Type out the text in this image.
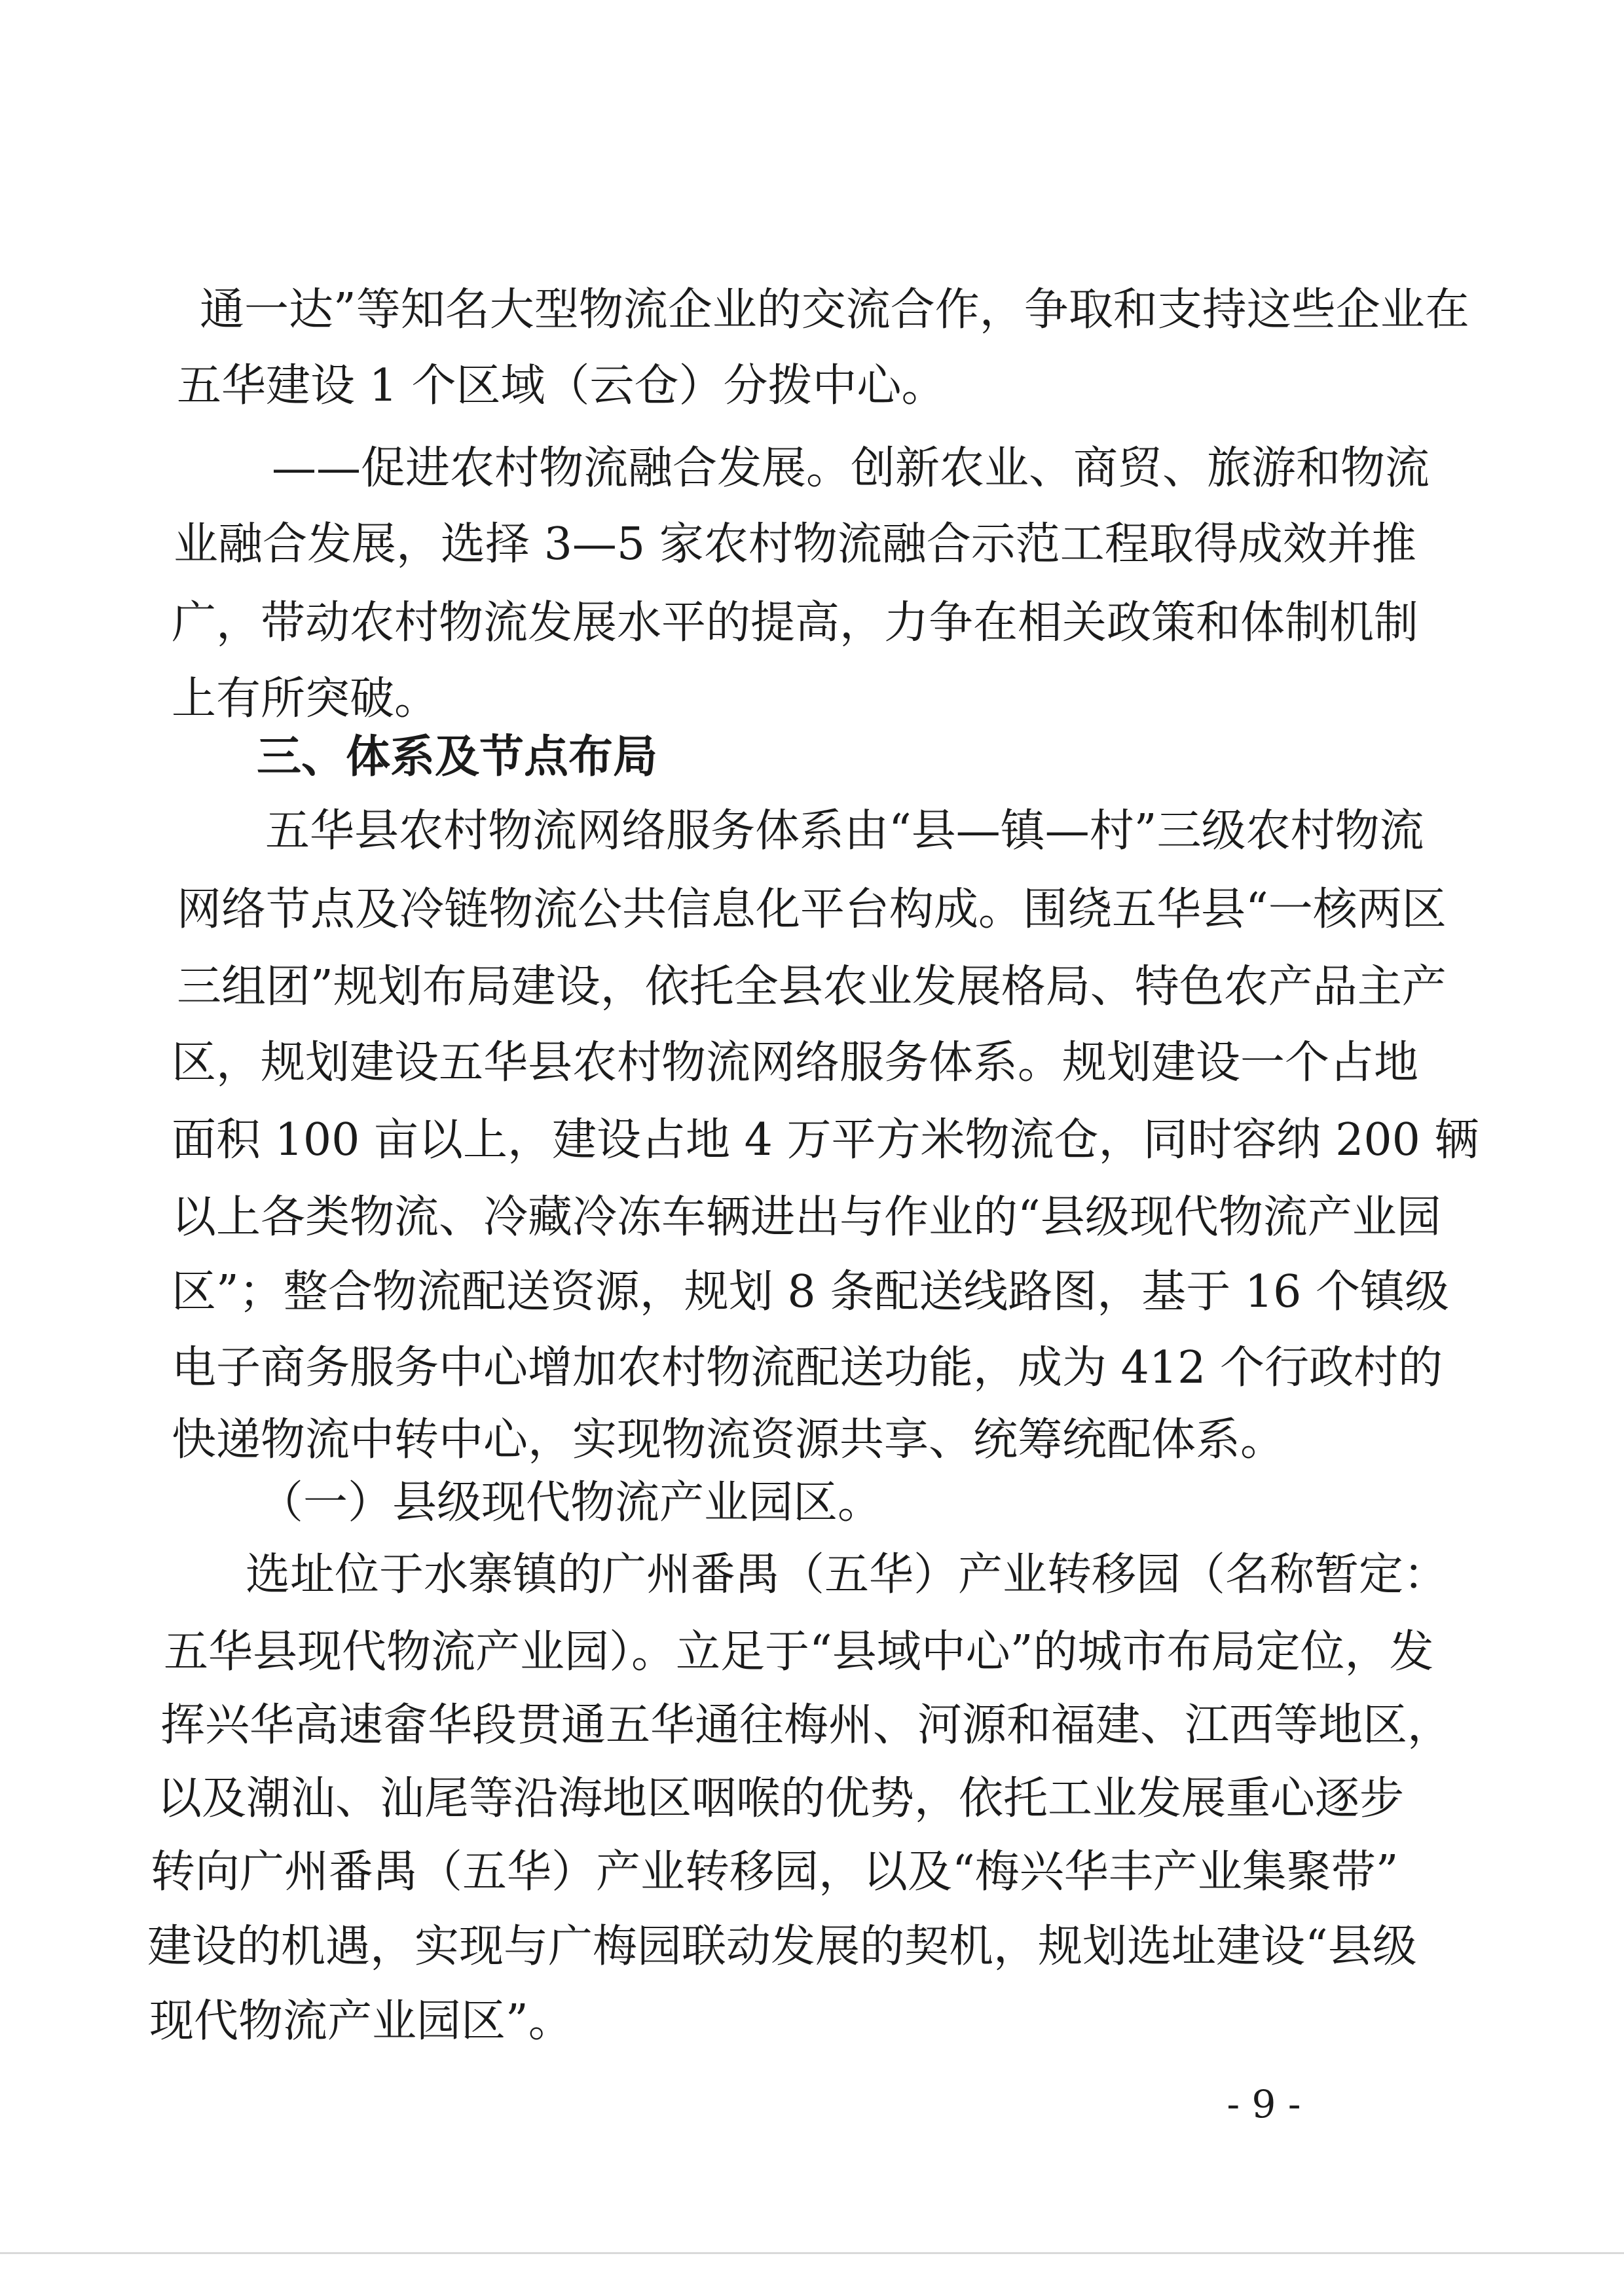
通一达”等知名大型物流企业的交流合作，争取和支持这些企业在
五华建设 1 个区域（云仓）分拨中心。
——促进农村物流融合发展。创新农业、商贸、旅游和物流
业融合发展，选择 3—5 家农村物流融合示范工程取得成效并推
广，带动农村物流发展水平的提高，力争在相关政策和体制机制
上有所突破。
三、体系及节点布局
五华县农村物流网络服务体系由“县—镇—村”三级农村物流
网络节点及冷链物流公共信息化平台构成。围绕五华县“一核两区
三组团”规划布局建设，依托全县农业发展格局、特色农产品主产
区，规划建设五华县农村物流网络服务体系。规划建设一个占地
面积 100 亩以上，建设占地 4 万平方米物流仓，同时容纳 200 辆
以上各类物流、冷藏冷冻车辆进出与作业的“县级现代物流产业园
区”；整合物流配送资源，规划 8 条配送线路图，基于 16 个镇级
电子商务服务中心增加农村物流配送功能，成为 412 个行政村的
快递物流中转中心，实现物流资源共享、统筹统配体系。
（一）县级现代物流产业园区。
选址位于水寨镇的广州番禺（五华）产业转移园（名称暂定：
五华县现代物流产业园）。立足于“县域中心”的城市布局定位，发
挥兴华高速畲华段贯通五华通往梅州、河源和福建、江西等地区，
以及潮汕、汕尾等沿海地区咽喉的优势，依托工业发展重心逐步
转向广州番禺（五华）产业转移园，以及“梅兴华丰产业集聚带”
建设的机遇，实现与广梅园联动发展的契机，规划选址建设“县级
现代物流产业园区”。
- 9 -
